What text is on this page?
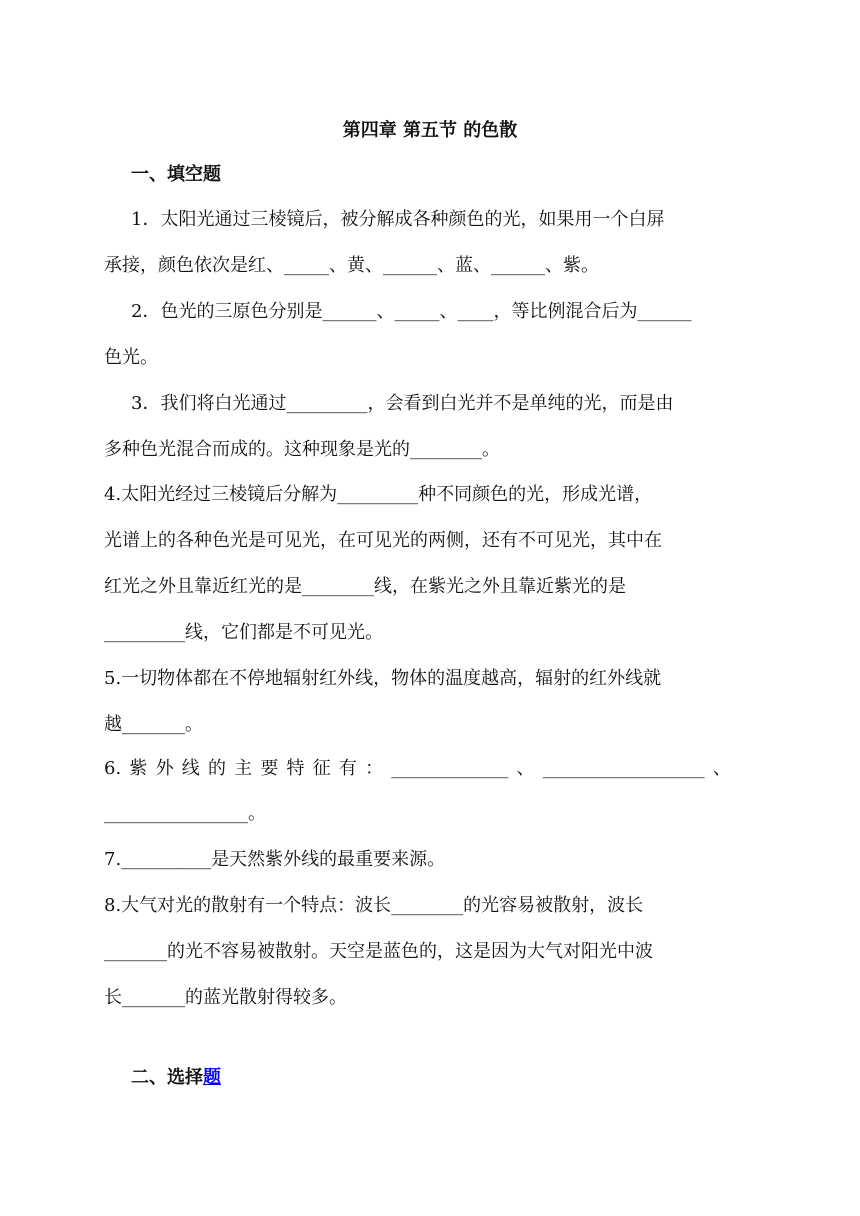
第四章 第五节 的色散
一、填空题
1．太阳光通过三棱镜后，被分解成各种颜色的光，如果用一个白屏
承接，颜色依次是红、_____、黄、______、蓝、______、紫。
2．色光的三原色分别是______、_____、____，等比例混合后为______
色光。
3．我们将白光通过_________，会看到白光并不是单纯的光，而是由
多种色光混合而成的。这种现象是光的________。
4.太阳光经过三棱镜后分解为_________种不同颜色的光，形成光谱，
光谱上的各种色光是可见光，在可见光的两侧，还有不可见光，其中在
红光之外且靠近红光的是________线，在紫光之外且靠近紫光的是
_________线，它们都是不可见光。
5.一切物体都在不停地辐射红外线，物体的温度越高，辐射的红外线就
越_______。
6. 紫 外 线 的 主 要 特 征 有 ： _____________ 、 __________________ 、
________________。
7.__________是天然紫外线的最重要来源。
8.大气对光的散射有一个特点：波长________的光容易被散射，波长
_______的光不容易被散射。天空是蓝色的，这是因为大气对阳光中波
长_______的蓝光散射得较多。
二、选择题
